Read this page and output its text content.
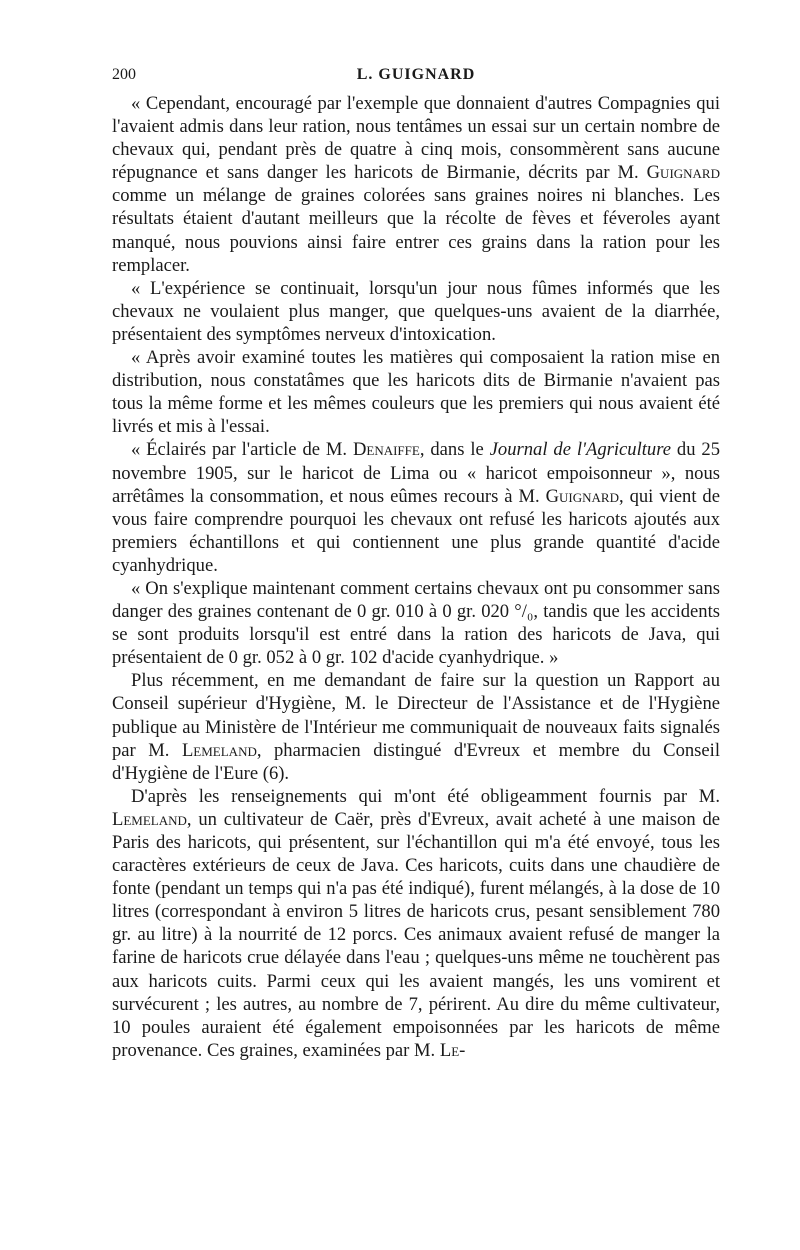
200	L. GUIGNARD

« Cependant, encouragé par l'exemple que donnaient d'autres Compagnies qui l'avaient admis dans leur ration, nous tentâmes un essai sur un certain nombre de chevaux qui, pendant près de quatre à cinq mois, consommèrent sans aucune répugnance et sans danger les haricots de Birmanie, décrits par M. Guignard comme un mélange de graines colorées sans graines noires ni blanches. Les résultats étaient d'autant meilleurs que la récolte de fèves et féveroles ayant manqué, nous pouvions ainsi faire entrer ces grains dans la ration pour les remplacer.

« L'expérience se continuait, lorsqu'un jour nous fûmes informés que les chevaux ne voulaient plus manger, que quelques-uns avaient de la diarrhée, présentaient des symptômes nerveux d'intoxication.

« Après avoir examiné toutes les matières qui composaient la ration mise en distribution, nous constatâmes que les haricots dits de Birmanie n'avaient pas tous la même forme et les mêmes couleurs que les premiers qui nous avaient été livrés et mis à l'essai.

« Éclairés par l'article de M. Denaiffe, dans le Journal de l'Agriculture du 25 novembre 1905, sur le haricot de Lima ou « haricot empoisonneur », nous arrêtâmes la consommation, et nous eûmes recours à M. Guignard, qui vient de vous faire comprendre pourquoi les chevaux ont refusé les haricots ajoutés aux premiers échantillons et qui contiennent une plus grande quantité d'acide cyanhydrique.

« On s'explique maintenant comment certains chevaux ont pu consommer sans danger des graines contenant de 0 gr. 010 à 0 gr. 020 °/₀, tandis que les accidents se sont produits lorsqu'il est entré dans la ration des haricots de Java, qui présentaient de 0 gr. 052 à 0 gr. 102 d'acide cyanhydrique. »

Plus récemment, en me demandant de faire sur la question un Rapport au Conseil supérieur d'Hygiène, M. le Directeur de l'Assistance et de l'Hygiène publique au Ministère de l'Intérieur me communiquait de nouveaux faits signalés par M. Lemeland, pharmacien distingué d'Evreux et membre du Conseil d'Hygiène de l'Eure (6).

D'après les renseignements qui m'ont été obligeamment fournis par M. Lemeland, un cultivateur de Caër, près d'Evreux, avait acheté à une maison de Paris des haricots, qui présentent, sur l'échantillon qui m'a été envoyé, tous les caractères extérieurs de ceux de Java. Ces haricots, cuits dans une chaudière de fonte (pendant un temps qui n'a pas été indiqué), furent mélangés, à la dose de 10 litres (correspondant à environ 5 litres de haricots crus, pesant sensiblement 780 gr. au litre) à la nourrité de 12 porcs. Ces animaux avaient refusé de manger la farine de haricots crue délayée dans l'eau ; quelques-uns même ne touchèrent pas aux haricots cuits. Parmi ceux qui les avaient mangés, les uns vomirent et survécurent ; les autres, au nombre de 7, périrent. Au dire du même cultivateur, 10 poules auraient été également empoisonnées par les haricots de même provenance. Ces graines, examinées par M. Le-
